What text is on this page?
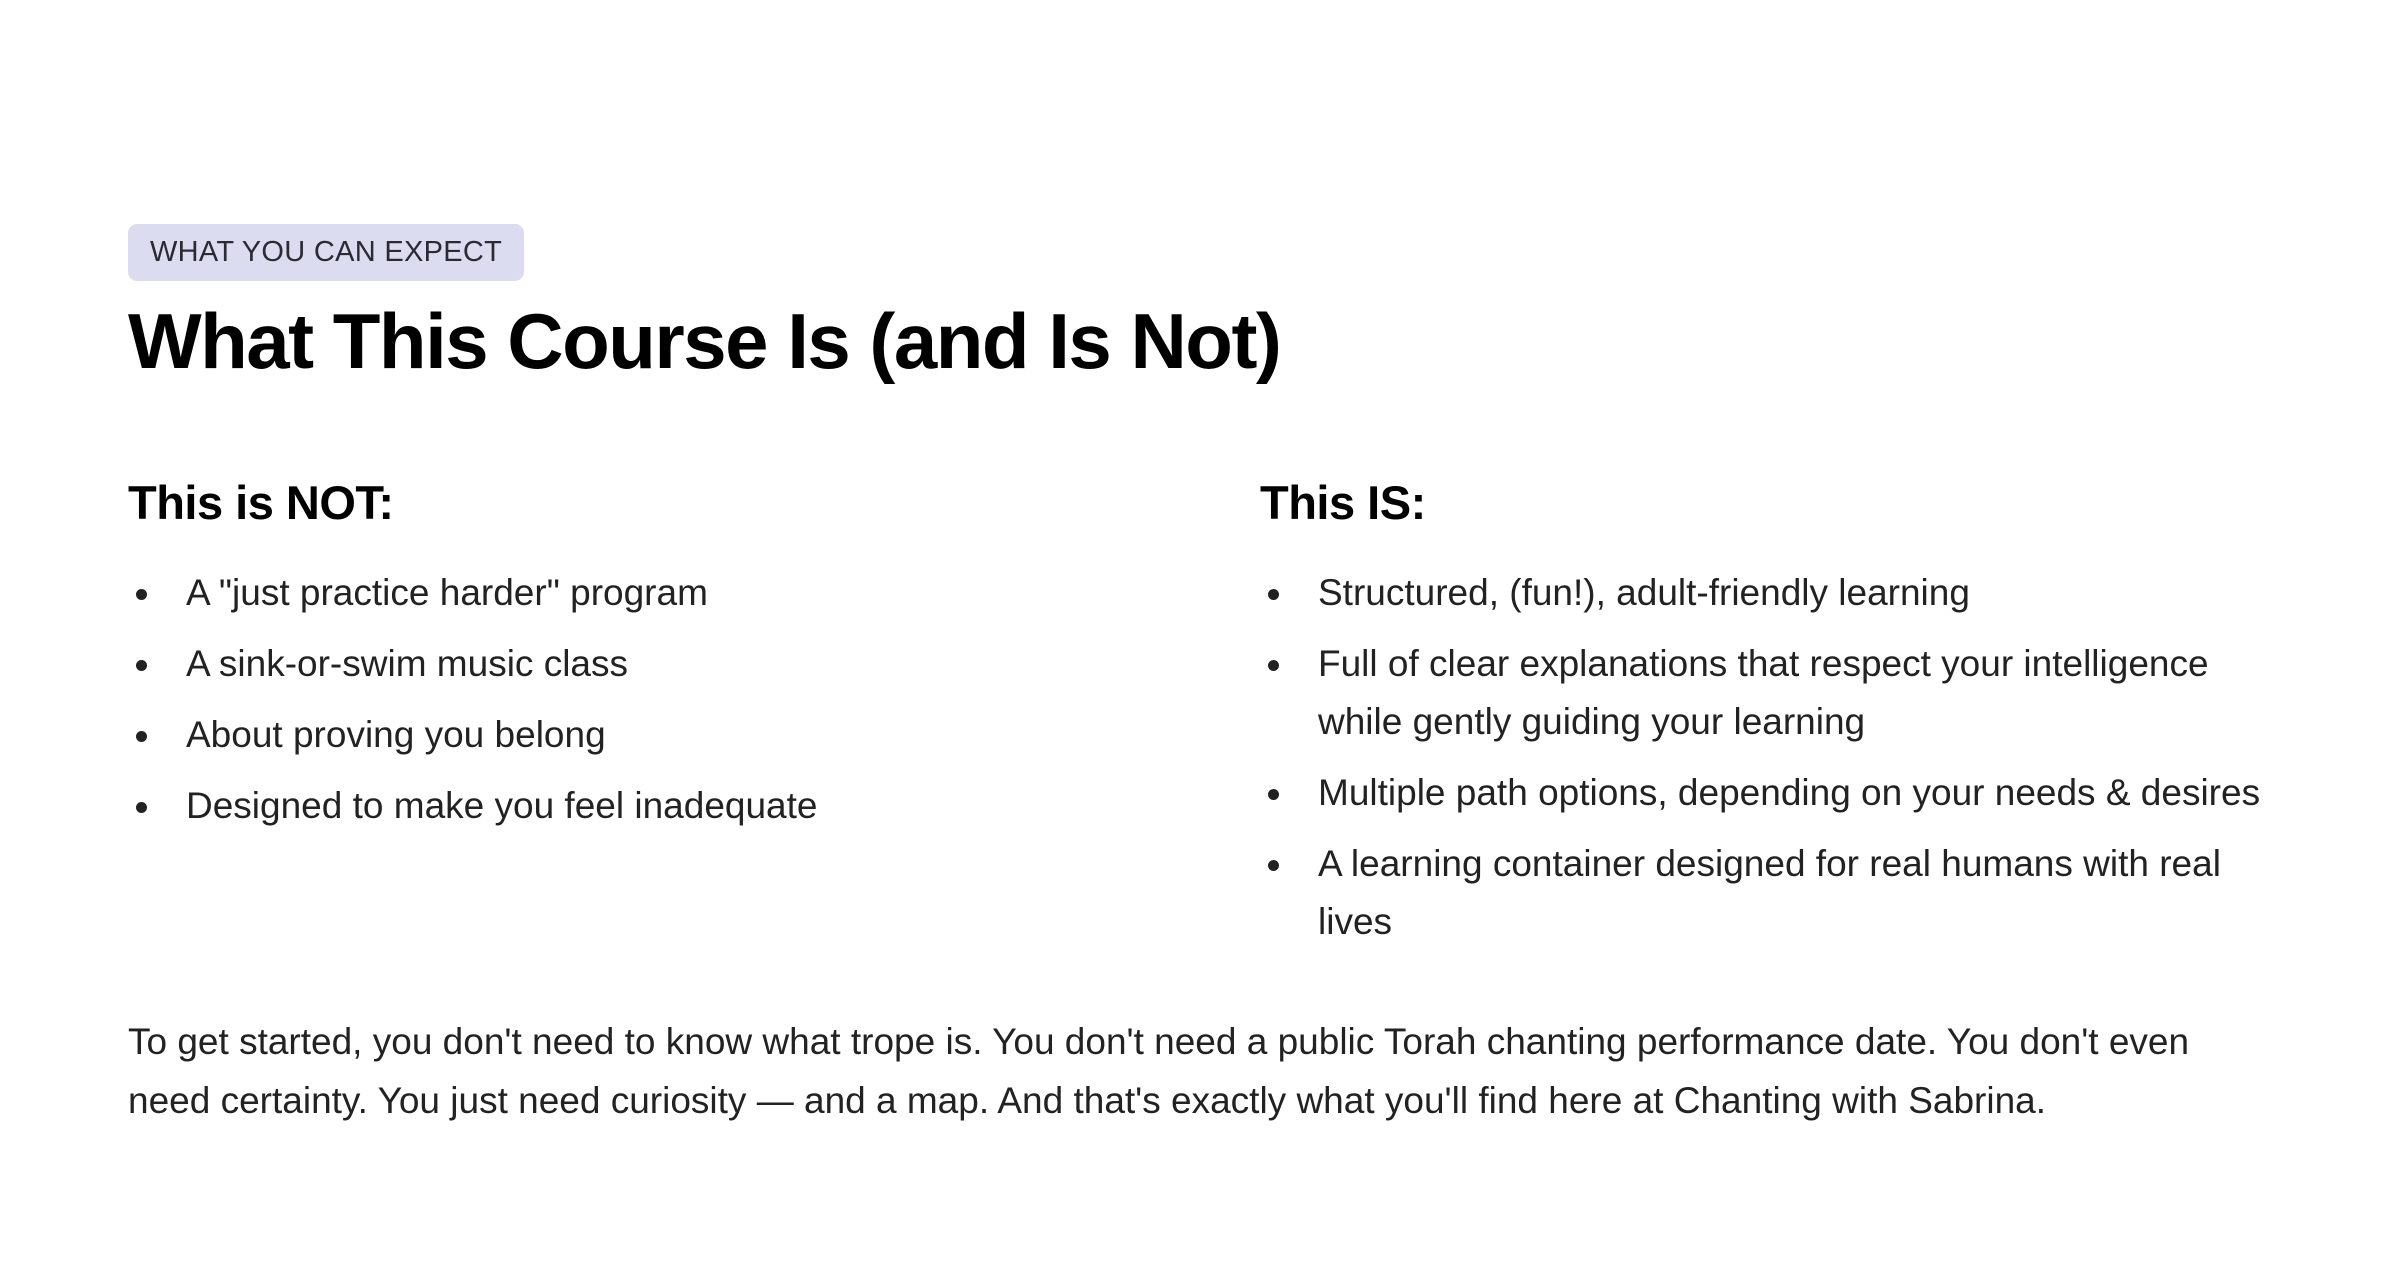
WHAT YOU CAN EXPECT
What This Course Is (and Is Not)
This is NOT:
A "just practice harder" program
A sink-or-swim music class
About proving you belong
Designed to make you feel inadequate
This IS:
Structured, (fun!), adult-friendly learning
Full of clear explanations that respect your intelligence while gently guiding your learning
Multiple path options, depending on your needs & desires
A learning container designed for real humans with real lives

To get started, you don't need to know what trope is. You don't need a public Torah chanting performance date. You don't even need certainty. You just need curiosity — and a map. And that's exactly what you'll find here at Chanting with Sabrina.
